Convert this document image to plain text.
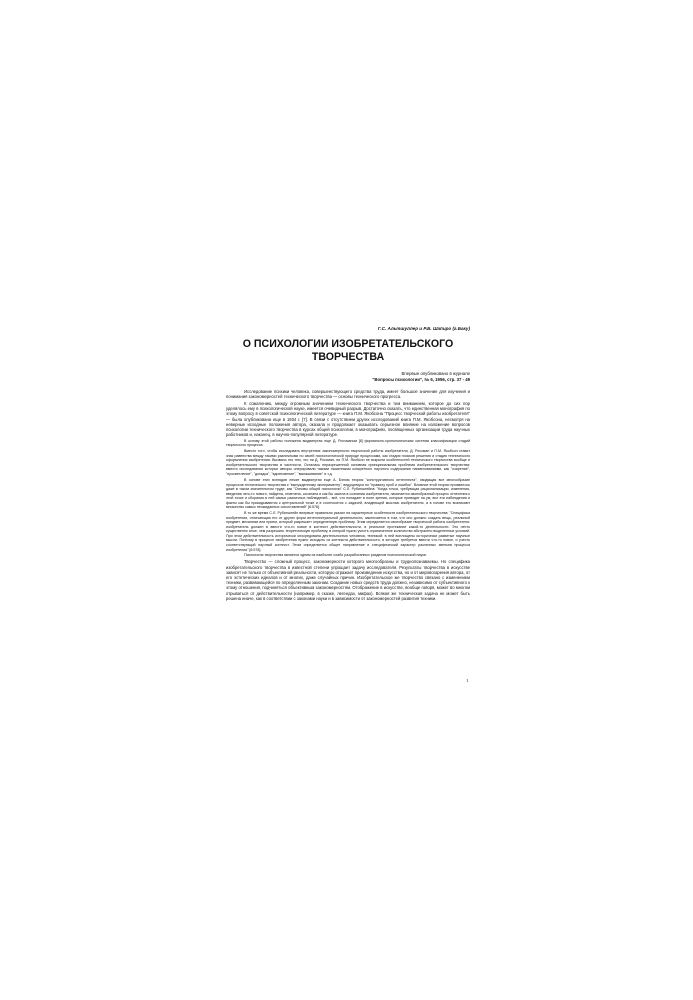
Г.С. Альтшуллер и Р.Б. Шапиро (г.Баку)
О ПСИХОЛОГИИ ИЗОБРЕТАТЕЛЬСКОГО
ТВОРЧЕСТВА
Впервые опубликовано в журнале
"Вопросы психологии", № 6, 1956, стр. 37 - 49

Исследование психики человека, совершенствующего средства труда, имеет большое значение для изучения и понимания закономерностей технического творчества — основы технического прогресса.

К сожалению, между огромным значением технического творчества и тем вниманием, которое до сих пор уделялось ему в психологической науке, имеется очевидный разрыв. Достаточно сказать, что единственная монография по этому вопросу в советской психологической литературе — книга П.М. Якобсона "Процесс творческой работы изобретателя" — была опубликована еще в 1934 г. [7]. В связи с отсутствием других исследований книга П.М. Якобсона, несмотря на неверные исходные положения автора, оказала и продолжает оказывать серьезное влияние на изложение вопросов психологии технического творчества в курсах общей психологии, в монографиях, посвященных организации труда научных работников и, наконец, в научно-популярной литературе.

В основу этой работы положена выдвинутая еще Д. Россманом [8] формально-хронологическая система классификации стадий творческого процесса.

Вместо того, чтобы исследовать внутренние закономерности творческой работы изобретателя, Д. Россман и П.М. Якобсон ставят знак равенства между такими различными по своей психологической природе процессами, как стадия поисков решения и стадия технического оформления изобретения. Вызвано это тем, что ни Д. Россман, ни П.М. Якобсон не вскрыли особенностей технического творчества вообще и изобретательского творчества в частности. Осталась неразрешенной основная принципиальная проблема изобретательского творчества: вместо исследования которых авторы оперировали такими лишенными конкретного научного содержания наименованиями, как "озарение", "просветление", "догадка", "вдохновение", "вынашивание" и т.д.

В основе этих взглядов лежит выдвинутая еще А. Бэном теория "конструктивного интеллекта", сводящая все многообразие процессов технического творчества к "вынужденному эксперименту", ведущемуся по "правилу проб и ошибок". Влияние этой теории проявилось даже в таком значительном труде, как "Основы общей психологии" С.Л. Рубинштейна: "Когда точка, требующая рационализации, изменения, введения чего-то нового, найдена, отмечена, осознана и как бы засела в сознании изобретателя, начинается своеобразный процесс отнесения к этой точке и сборания в ней самых различных наблюдений... всё, что попадает в поле зрения, которые приводят на ум, все эти наблюдения и факты как бы прикидываются к центральной точке и в соотносятся с задачей, владеющей мыслью изобретателя, а в голове его возникают множество самых неожиданных сопоставлений" [6:578].

В то же время С.Л. Рубинштейн впервые правильно указал на характерные особенности изобретательского творчества: "Специфика изобретения, отличающая его от других форм интеллектуальной деятельности, заключается в том, что оно должно создать вещь, реальный предмет, механизм или прием, который разрешает определенную проблему. Этим определяется своеобразие творческой работы изобретателя: изобретатель должен в ввести что-то новое в контекст действительности, в реальное протекание какой-то деятельности. Это нечто существенно иное, чем разрешить теоретическую проблему, в которой нужно учесть ограниченное количество абстрактно выделенных условий. При этом действительность исторически опосредована деятельностью человека, техникой: в ней воплощены исторически развитые научные мысли. Поэтому в процессе изобретения нужно исходить из контекста действительности, в которую требуется ввести что-то новое, и учесть соответствующий научный контекст. Этим определяется общее направление и специфический характер различных звеньев процесса изобретения" [6:578].

Психология творчества является одним из наиболее слабо разработанных разделов психологической науки.

Творчество — сложный процесс, закономерности которого многообразны и труднопознаваемы. Но специфика изобретательского творчества в известной степени упрощает задачу исследователя. Результаты творчества в искусстве зависят не только от объективной реальности, которую отражает произведение искусства, но и от мировоззрения автора, от его эстетических идеалов и от многих, даже случайных причин. Изобретательское же творчество связано с изменением техники, развивающейся по определенным законам. Создание новых средств труда должно, независимо от субъективного к этому отношения, подчиняться объективным закономерностям. Отображение в искусстве, вообще говоря, может во многом отрываться от действительности (например, в сказке, легендах, мифах). Всякая же техническая задача не может быть решена иначе, как в соответствии с законами науки и в зависимости от закономерностей развития техники.

1
